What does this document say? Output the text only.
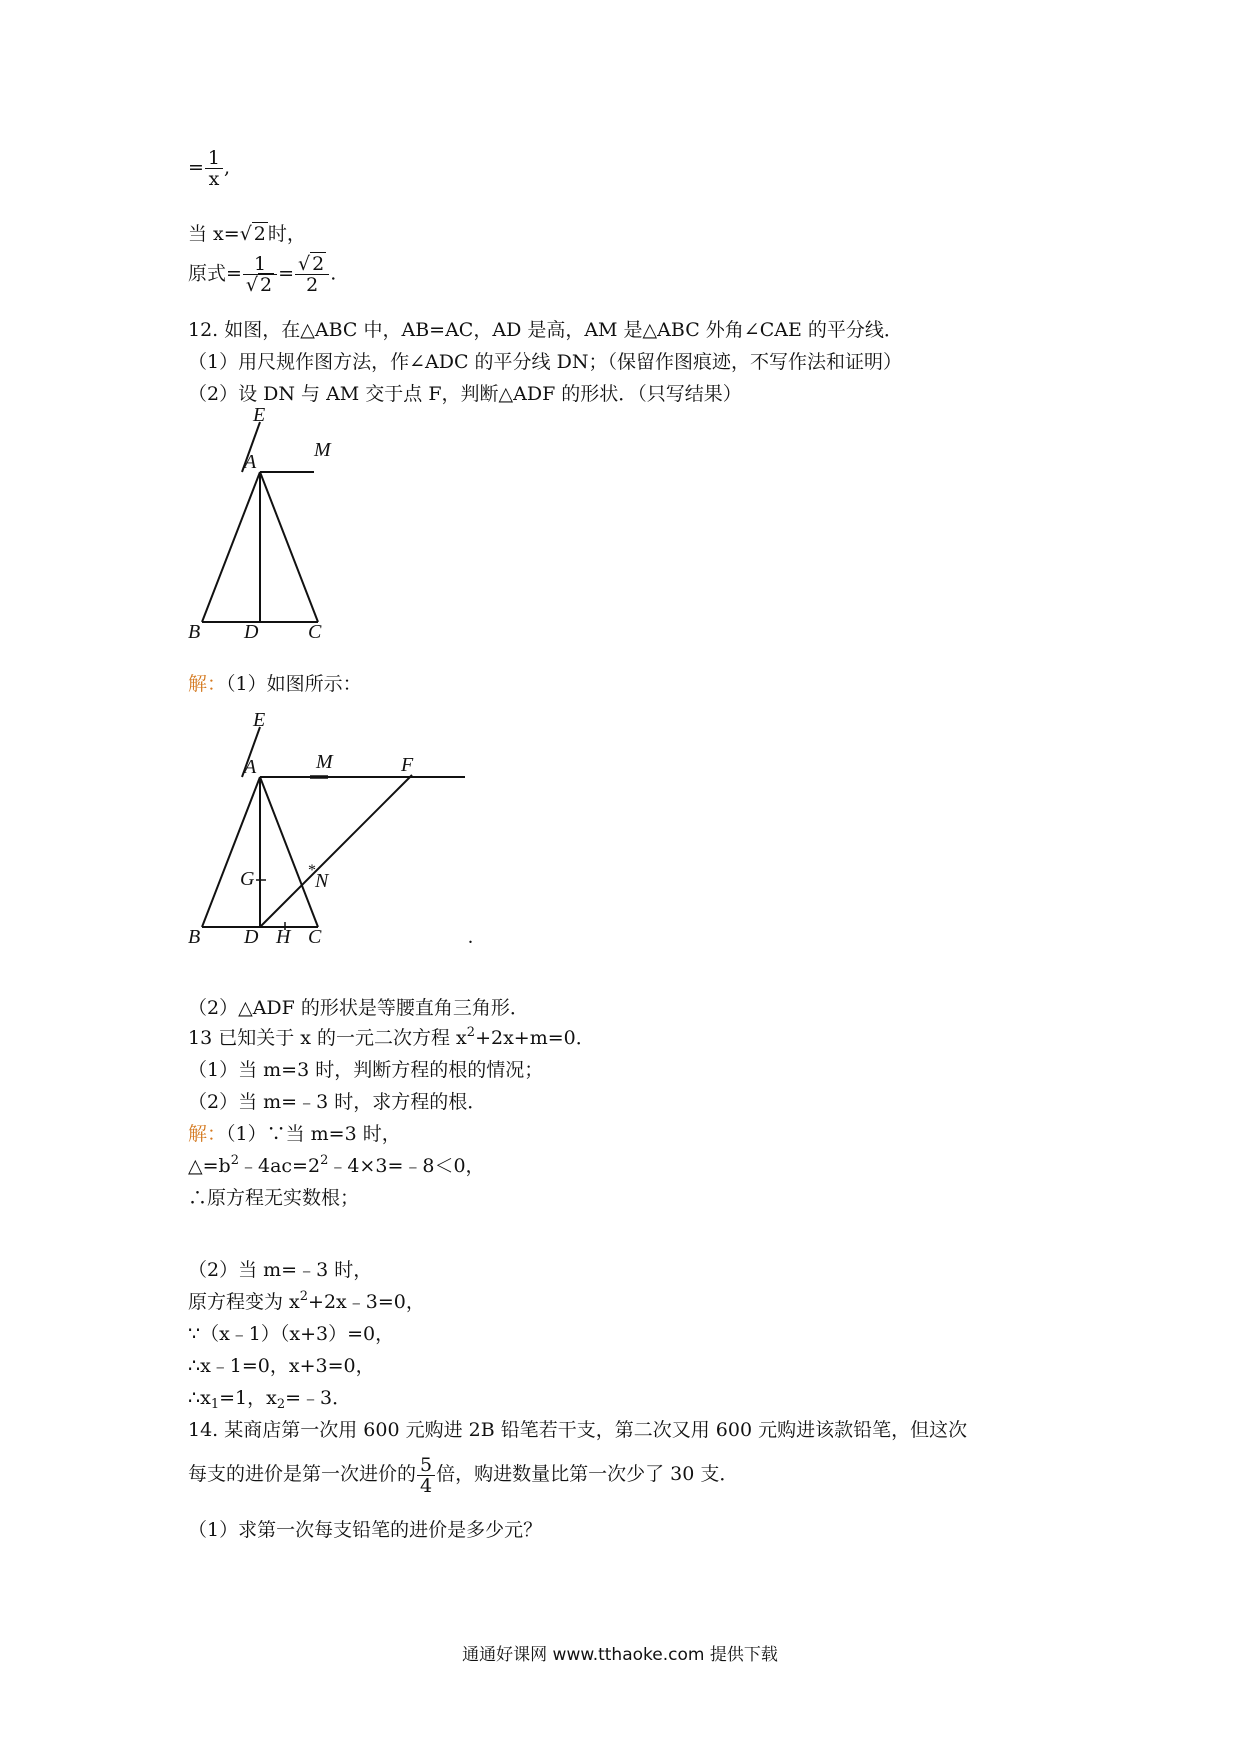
= $\frac{1}{x}$ ,
当 x=√ 2 时，
原式= $\frac{1}{√ 2} = \frac{√ 2}{2}$ .
12. 如图，在△ABC 中，AB=AC，AD 是高，AM 是△ABC 外角∠CAE 的平分线．
（1）用尺规作图方法，作∠ADC 的平分线 DN；（保留作图痕迹，不写作法和证明）
（2）设 DN 与 AM 交于点 F，判断△ADF 的形状．（只写结果）
E
A
M
B D C
解：（1）如图所示：
*
E
A	M	F
G	N
B D H C	.
（2）△ADF 的形状是等腰直角三角形．
13 已知关于 x 的一元二次方程 $x^2+2x+m=0$．
（1）当 m=3 时，判断方程的根的情况；
（2）当 m=﹣3 时，求方程的根．
解：（1）∵当 m=3 时，
$\triangle=b^2﹣4ac=2^2﹣4\times 3=﹣8<0$，
∴原方程无实数根；
（2）当 m=﹣3 时，
原方程变为 $x^2+2x﹣3=0$，
∵（x﹣1）（x+3）=0，
∴x﹣1=0，x+3=0，
$\therefore x_1=1$，$x_2=﹣3$．
14. 某商店第一次用 600 元购进 2B 铅笔若干支，第二次又用 600 元购进该款铅笔，但这次
每支的进价是第一次进价的 $\frac{5}{4}$ 倍，购进数量比第一次少了 30 支．
（1）求第一次每支铅笔的进价是多少元？
通通好课网 www.tthaoke.com 提供下载
